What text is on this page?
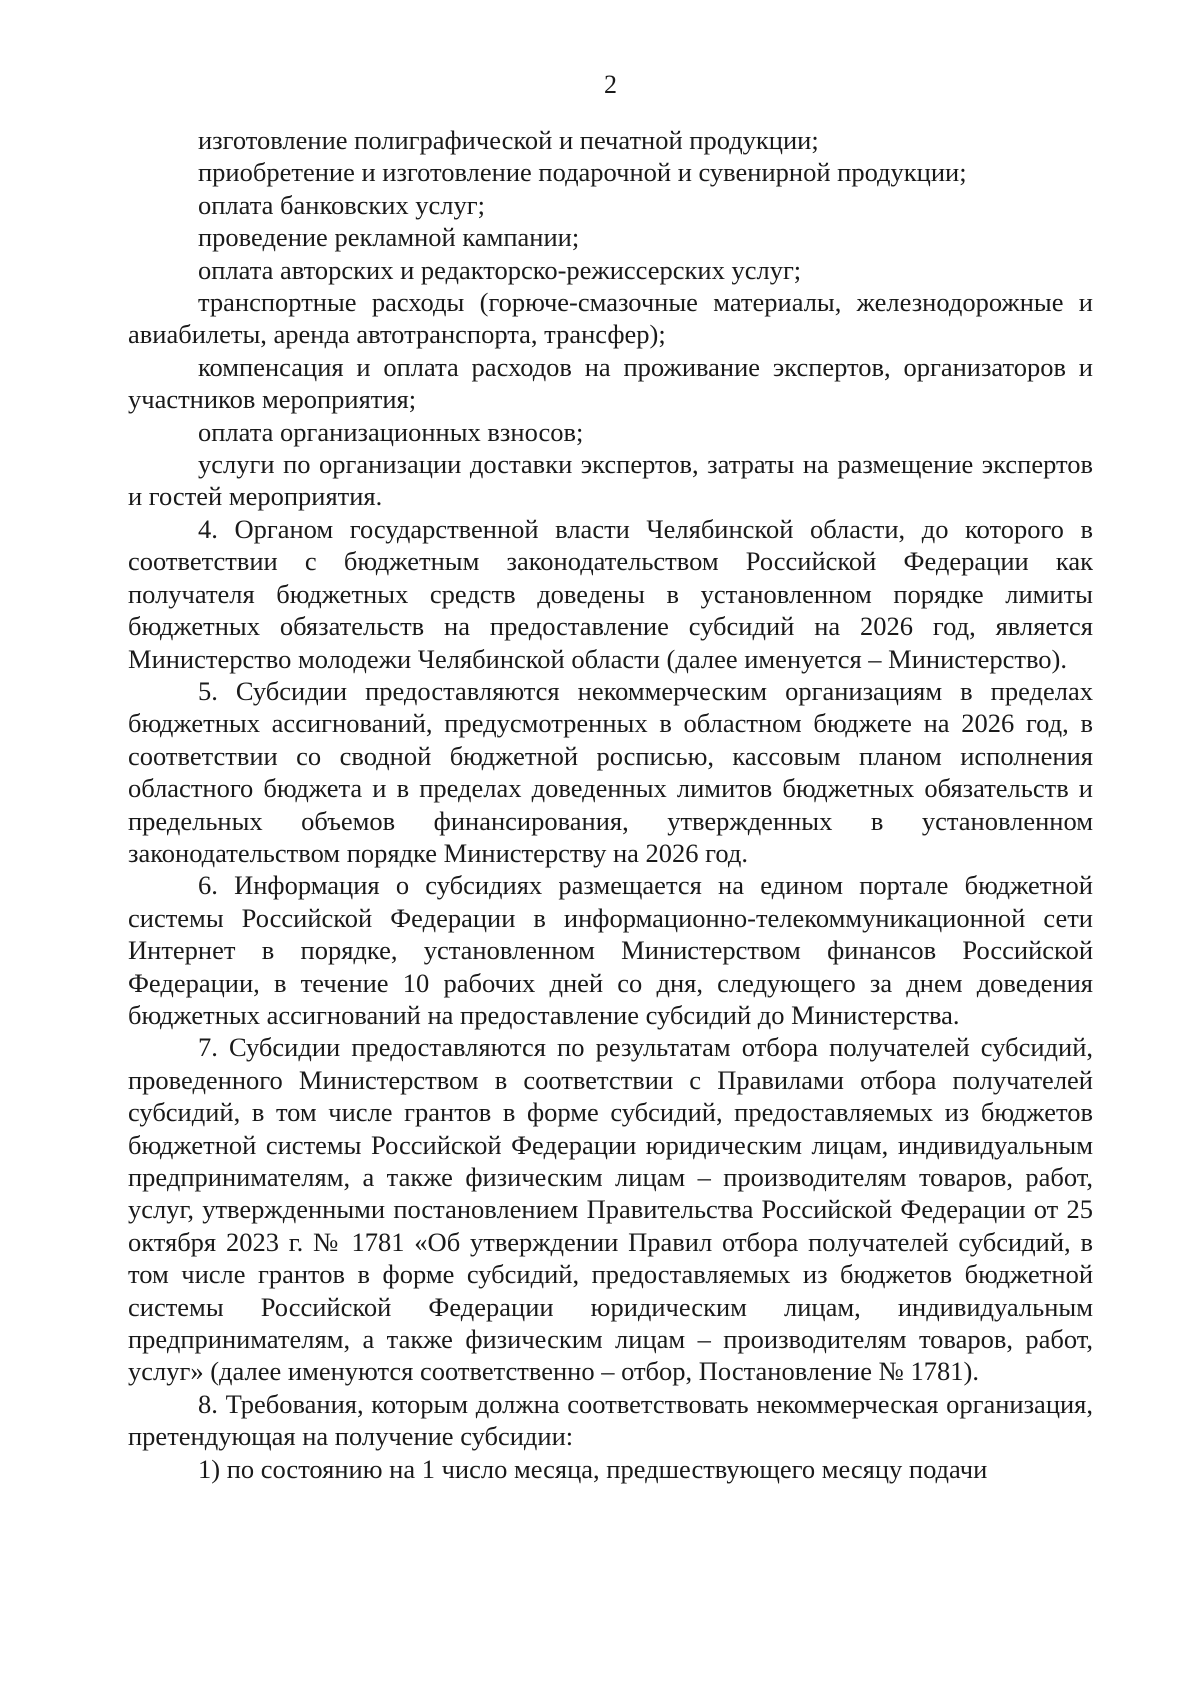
2

изготовление полиграфической и печатной продукции;

приобретение и изготовление подарочной и сувенирной продукции;

оплата банковских услуг;

проведение рекламной кампании;

оплата авторских и редакторско-режиссерских услуг;

транспортные расходы (горюче-смазочные материалы, железнодорожные и авиабилеты, аренда автотранспорта, трансфер);

компенсация и оплата расходов на проживание экспертов, организаторов и участников мероприятия;

оплата организационных взносов;

услуги по организации доставки экспертов, затраты на размещение экспертов и гостей мероприятия.

4. Органом государственной власти Челябинской области, до которого в соответствии с бюджетным законодательством Российской Федерации как получателя бюджетных средств доведены в установленном порядке лимиты бюджетных обязательств на предоставление субсидий на 2026 год, является Министерство молодежи Челябинской области (далее именуется – Министерство).

5. Субсидии предоставляются некоммерческим организациям в пределах бюджетных ассигнований, предусмотренных в областном бюджете на 2026 год, в соответствии со сводной бюджетной росписью, кассовым планом исполнения областного бюджета и в пределах доведенных лимитов бюджетных обязательств и предельных объемов финансирования, утвержденных в установленном законодательством порядке Министерству на 2026 год.

6. Информация о субсидиях размещается на едином портале бюджетной системы Российской Федерации в информационно-телекоммуникационной сети Интернет в порядке, установленном Министерством финансов Российской Федерации, в течение 10 рабочих дней со дня, следующего за днем доведения бюджетных ассигнований на предоставление субсидий до Министерства.

7. Субсидии предоставляются по результатам отбора получателей субсидий, проведенного Министерством в соответствии с Правилами отбора получателей субсидий, в том числе грантов в форме субсидий, предоставляемых из бюджетов бюджетной системы Российской Федерации юридическим лицам, индивидуальным предпринимателям, а также физическим лицам – производителям товаров, работ, услуг, утвержденными постановлением Правительства Российской Федерации от 25 октября 2023 г. № 1781 «Об утверждении Правил отбора получателей субсидий, в том числе грантов в форме субсидий, предоставляемых из бюджетов бюджетной системы Российской Федерации юридическим лицам, индивидуальным предпринимателям, а также физическим лицам – производителям товаров, работ, услуг» (далее именуются соответственно – отбор, Постановление № 1781).

8. Требования, которым должна соответствовать некоммерческая организация, претендующая на получение субсидии:

1) по состоянию на 1 число месяца, предшествующего месяцу подачи
